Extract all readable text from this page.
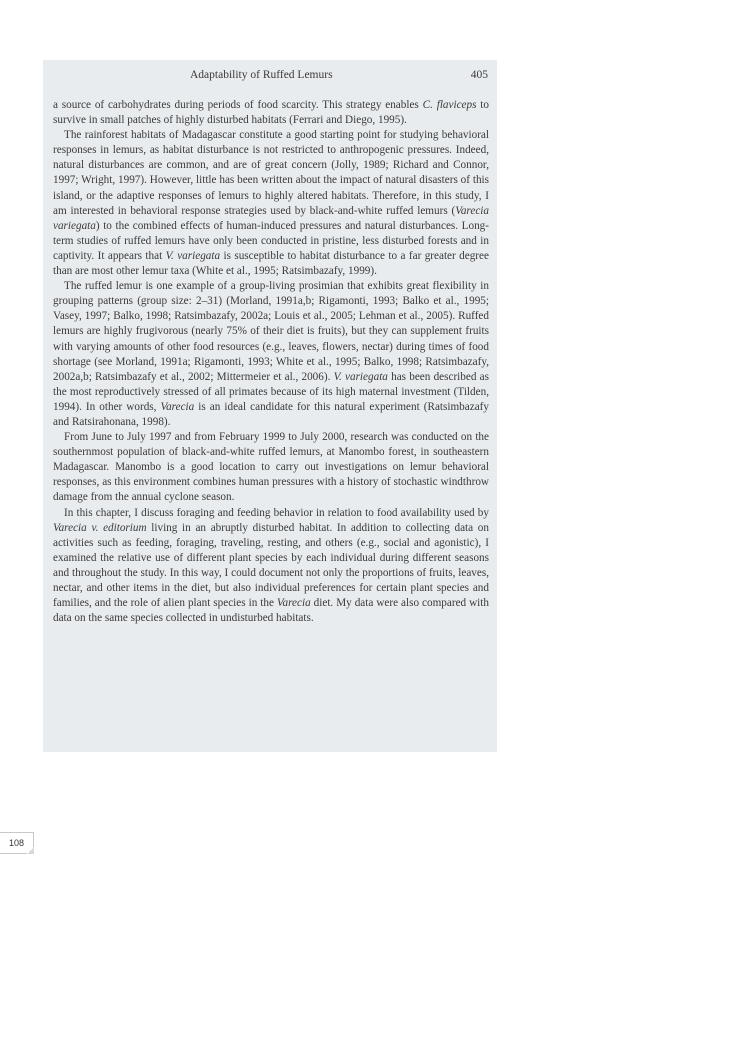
Adaptability of Ruffed Lemurs	405

a source of carbohydrates during periods of food scarcity. This strategy enables C. flaviceps to survive in small patches of highly disturbed habitats (Ferrari and Diego, 1995).

The rainforest habitats of Madagascar constitute a good starting point for studying behavioral responses in lemurs, as habitat disturbance is not restricted to anthropogenic pressures. Indeed, natural disturbances are common, and are of great concern (Jolly, 1989; Richard and Connor, 1997; Wright, 1997). However, little has been written about the impact of natural disasters of this island, or the adaptive responses of lemurs to highly altered habitats. Therefore, in this study, I am interested in behavioral response strategies used by black-and-white ruffed lemurs (Varecia variegata) to the combined effects of human-induced pressures and natural disturbances. Long-term studies of ruffed lemurs have only been conducted in pristine, less disturbed forests and in captivity. It appears that V. variegata is susceptible to habitat disturbance to a far greater degree than are most other lemur taxa (White et al., 1995; Ratsimbazafy, 1999).

The ruffed lemur is one example of a group-living prosimian that exhibits great flexibility in grouping patterns (group size: 2–31) (Morland, 1991a,b; Rigamonti, 1993; Balko et al., 1995; Vasey, 1997; Balko, 1998; Ratsimbazafy, 2002a; Louis et al., 2005; Lehman et al., 2005). Ruffed lemurs are highly frugivorous (nearly 75% of their diet is fruits), but they can supplement fruits with varying amounts of other food resources (e.g., leaves, flowers, nectar) during times of food shortage (see Morland, 1991a; Rigamonti, 1993; White et al., 1995; Balko, 1998; Ratsimbazafy, 2002a,b; Ratsimbazafy et al., 2002; Mittermeier et al., 2006). V. variegata has been described as the most reproductively stressed of all primates because of its high maternal investment (Tilden, 1994). In other words, Varecia is an ideal candidate for this natural experiment (Ratsimbazafy and Ratsirahonana, 1998).

From June to July 1997 and from February 1999 to July 2000, research was conducted on the southernmost population of black-and-white ruffed lemurs, at Manombo forest, in southeastern Madagascar. Manombo is a good location to carry out investigations on lemur behavioral responses, as this environment combines human pressures with a history of stochastic windthrow damage from the annual cyclone season.

In this chapter, I discuss foraging and feeding behavior in relation to food availability used by Varecia v. editorium living in an abruptly disturbed habitat. In addition to collecting data on activities such as feeding, foraging, traveling, resting, and others (e.g., social and agonistic), I examined the relative use of different plant species by each individual during different seasons and throughout the study. In this way, I could document not only the proportions of fruits, leaves, nectar, and other items in the diet, but also individual preferences for certain plant species and families, and the role of alien plant species in the Varecia diet. My data were also compared with data on the same species collected in undisturbed habitats.

108
